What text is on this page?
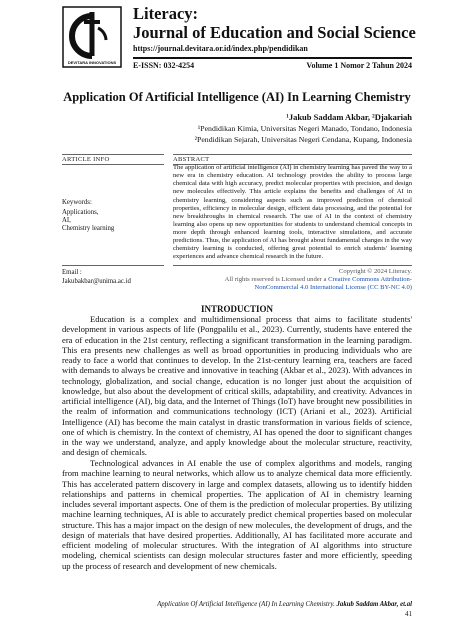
DEVITARA INNOVATIONS
Literacy:
Journal of Education and Social Science
https://journal.devitara.or.id/index.php/pendidikan
E-ISSN: 032-4254	Volume 1 Nomor 2 Tahun 2024
Application Of Artificial Intelligence (AI) In Learning Chemistry
¹Jakub Saddam Akbar, ²Djakariah
¹Pendidikan Kimia, Universitas Negeri Manado, Tondano, Indonesia
²Pendidikan Sejarah, Universitas Negeri Cendana, Kupang, Indonesia
ARTICLE INFO	ABSTRACT
Keywords:
Applications,
AI,
Chemistry learning
The application of artificial intelligence (AI) in chemistry learning has paved the way to a new era in chemistry education. AI technology provides the ability to process large chemical data with high accuracy, predict molecular properties with precision, and design new molecules effectively. This article explains the benefits and challenges of AI in chemistry learning, considering aspects such as improved prediction of chemical properties, efficiency in molecular design, efficient data processing, and the potential for new breakthroughs in chemical research. The use of AI in the context of chemistry learning also opens up new opportunities for students to understand chemical concepts in more depth through enhanced learning tools, interactive simulations, and accurate predictions. Thus, the application of AI has brought about fundamental changes in the way chemistry learning is conducted, offering great potential to enrich students' learning experiences and advance chemical research in the future.
Email :
Jakubakbar@unima.ac.id
Copyright © 2024 Literacy.
All rights reserved is Licensed under a Creative Commons Attribution-
NonCommercial 4.0 International License (CC BY-NC 4.0)
INTRODUCTION

Education is a complex and multidimensional process that aims to facilitate students' development in various aspects of life (Pongpalilu et al., 2023). Currently, students have entered the era of education in the 21st century, reflecting a significant transformation in the learning paradigm. This era presents new challenges as well as broad opportunities in producing individuals who are ready to face a world that continues to develop. In the 21st-century learning era, teachers are faced with demands to always be creative and innovative in teaching (Akbar et al., 2023). With advances in technology, globalization, and social change, education is no longer just about the acquisition of knowledge, but also about the development of critical skills, adaptability, and creativity. Advances in artificial intelligence (AI), big data, and the Internet of Things (IoT) have brought new possibilities in the realm of information and communications technology (ICT) (Ariani et al., 2023). Artificial Intelligence (AI) has become the main catalyst in drastic transformation in various fields of science, one of which is chemistry. In the context of chemistry, AI has opened the door to significant changes in the way we understand, analyze, and apply knowledge about the molecular structure, reactivity, and design of chemicals.

Technological advances in AI enable the use of complex algorithms and models, ranging from machine learning to neural networks, which allow us to analyze chemical data more efficiently. This has accelerated pattern discovery in large and complex datasets, allowing us to identify hidden relationships and patterns in chemical properties. The application of AI in chemistry learning includes several important aspects. One of them is the prediction of molecular properties. By utilizing machine learning techniques, AI is able to accurately predict chemical properties based on molecular structure. This has a major impact on the design of new molecules, the development of drugs, and the design of materials that have desired properties. Additionally, AI has facilitated more accurate and efficient modeling of molecular structures. With the integration of AI algorithms into structure modeling, chemical scientists can design molecular structures faster and more efficiently, speeding up the process of research and development of new chemicals.

Application Of Artificial Intelligence (AI) In Learning Chemistry. Jakub Saddam Akbar, et.al
41
